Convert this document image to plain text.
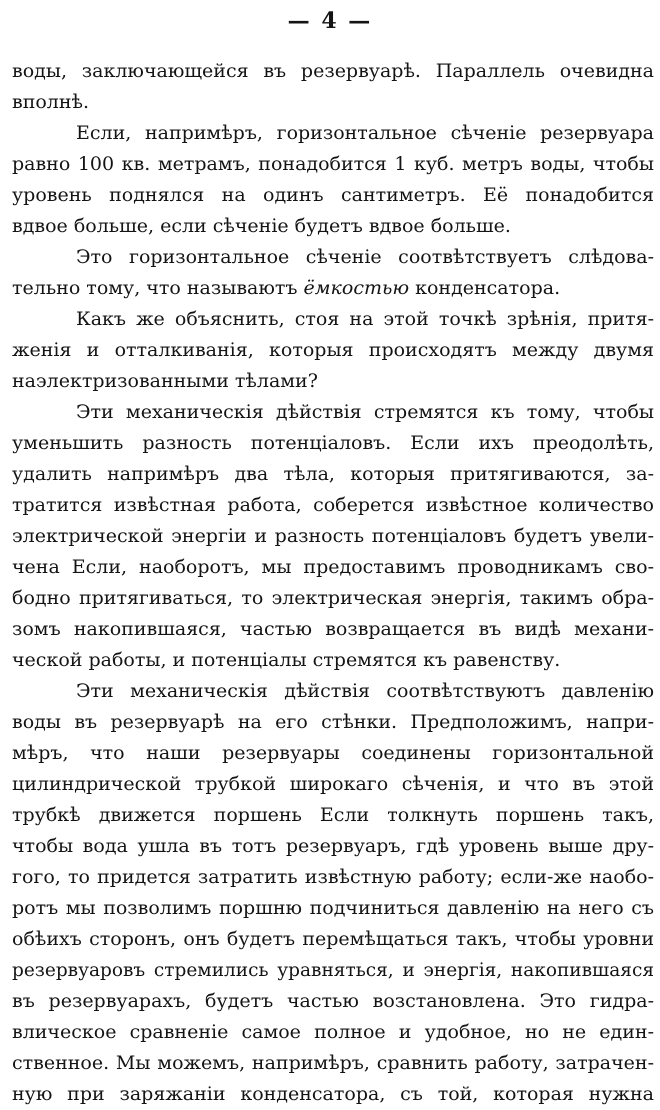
— 4 —
воды, заключающейся въ резервуарѣ. Параллель очевидна
вполнѣ.
Если, напримѣръ, горизонтальное сѣченіе резервуара
равно 100 кв. метрамъ, понадобится 1 куб. метръ воды, чтобы
уровень поднялся на одинъ сантиметръ. Её понадобится
вдвое больше, если сѣченіе будетъ вдвое больше.
Это горизонтальное сѣченіе соотвѣтствуетъ слѣдова-
тельно тому, что называютъ ёмкостью конденсатора.
Какъ же объяснить, стоя на этой точкѣ зрѣнія, притя-
женія и отталкиванія, которыя происходятъ между двумя
наэлектризованными тѣлами?
Эти механическія дѣйствія стремятся къ тому, чтобы
уменьшить разность потенціаловъ. Если ихъ преодолѣть,
удалить напримѣръ два тѣла, которыя притягиваются, за-
тратится извѣстная работа, соберется извѣстное количество
электрической энергіи и разность потенціаловъ будетъ увели-
чена Если, наоборотъ, мы предоставимъ проводникамъ сво-
бодно притягиваться, то электрическая энергія, такимъ обра-
зомъ накопившаяся, частью возвращается въ видѣ механи-
ческой работы, и потенціалы стремятся къ равенству.
Эти механическія дѣйствія соотвѣтствуютъ давленію
воды въ резервуарѣ на его стѣнки. Предположимъ, напри-
мѣръ, что наши резервуары соединены горизонтальной
цилиндрической трубкой широкаго сѣченія, и что въ этой
трубкѣ движется поршень Если толкнуть поршень такъ,
чтобы вода ушла въ тотъ резервуаръ, гдѣ уровень выше дру-
гого, то придется затратить извѣстную работу; если-же наобо-
ротъ мы позволимъ поршню подчиниться давленію на него съ
обѣихъ сторонъ, онъ будетъ перемѣщаться такъ, чтобы уровни
резервуаровъ стремились уравняться, и энергія, накопившаяся
въ резервуарахъ, будетъ частью возстановлена. Это гидра-
влическое сравненіе самое полное и удобное, но не един-
ственное. Мы можемъ, напримѣръ, сравнить работу, затрачен-
ную при заряжаніи конденсатора, съ той, которая нужна
